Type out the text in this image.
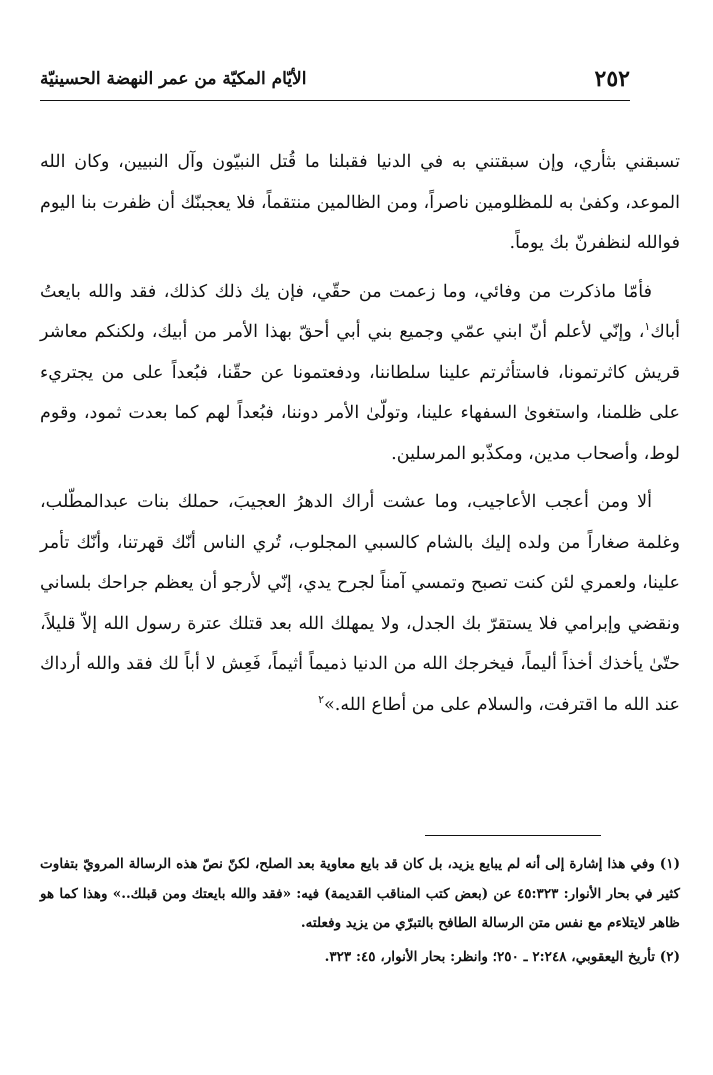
٢٥٢
الأيّام المكيّة من عمر النهضة الحسينيّة

تسبقني بثأري، وإن سبقتني به في الدنيا فقبلنا ما قُتل النبيّون وآل النبيين، وكان الله الموعد، وكفىٰ به للمظلومين ناصراً، ومن الظالمين منتقماً، فلا يعجبنّك أن ظفرت بنا اليوم فوالله لنظفرنّ بك يوماً.

فأمّا ماذكرت من وفائي، وما زعمت من حقّي، فإن يك ذلك كذلك، فقد والله بايعتُ أباك$^١$، وإنّي لأعلم أنّ ابني عمّي وجميع بني أبي أحقّ بهذا الأمر من أبيك، ولكنكم معاشر قريش كاثرتمونا، فاستأثرتم علينا سلطاننا، ودفعتمونا عن حقّنا، فبُعداً على من يجتريء على ظلمنا، واستغوىٰ السفهاء علينا، وتولّىٰ الأمر دوننا، فبُعداً لهم كما بعدت ثمود، وقوم لوط، وأصحاب مدين، ومكذّبو المرسلين.

ألا ومن أعجب الأعاجيب، وما عشت أراك الدهرُ العجيبَ، حملك بنات عبدالمطّلب، وغلمة صغاراً من ولده إليك بالشام كالسبي المجلوب، تُري الناس أنّك قهرتنا، وأنّك تأمر علينا، ولعمري لئن كنت تصبح وتمسي آمناً لجرح يدي، إنّي لأرجو أن يعظم جراحك بلساني ونقضي وإبرامي فلا يستقرّ بك الجدل، ولا يمهلك الله بعد قتلك عترة رسول الله إلاّ قليلاً، حتّىٰ يأخذك أخذاً أليماً، فيخرجك الله من الدنيا ذميماً أثيماً، فَعِش لا أباً لك فقد والله أرداك عند الله ما اقترفت، والسلام على من أطاع الله.»$^٢$

(١) وفي هذا إشارة إلى أنه لم يبايع يزيد، بل كان قد بايع معاوية بعد الصلح، لكنّ نصّ هذه الرسالة المرويّ بتفاوت كثير في بحار الأنوار: ٤٥:٣٢٣ عن (بعض كتب المناقب القديمة) فيه: «فقد والله بايعتك ومن قبلك..» وهذا كما هو ظاهر لايتلاءم مع نفس متن الرسالة الطافح بالتبرّي من يزيد وفعلته.

(٢) تأريخ اليعقوبي، ٢:٢٤٨ ـ ٢٥٠؛ وانظر: بحار الأنوار، ٤٥: ٣٢٣.
